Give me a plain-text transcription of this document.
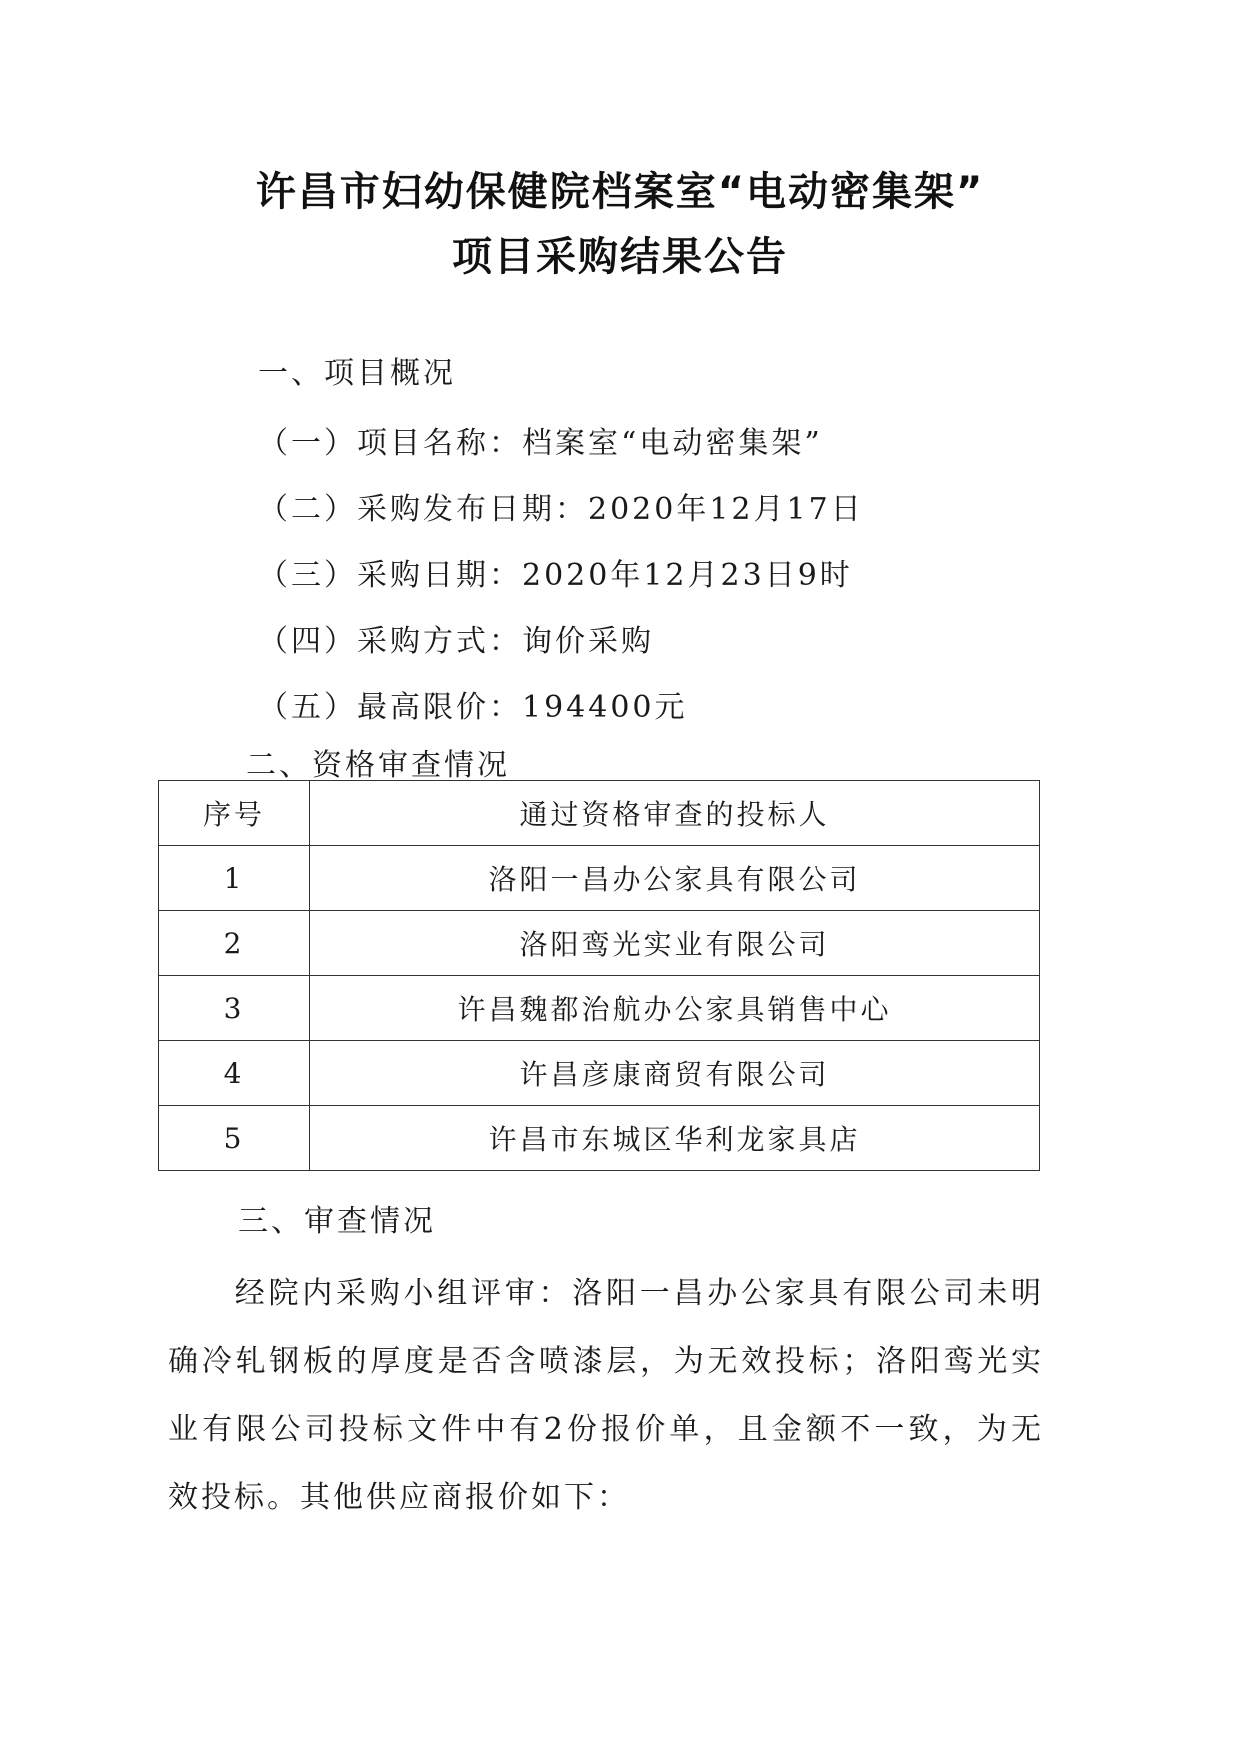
许昌市妇幼保健院档案室“电动密集架”
项目采购结果公告
一、项目概况
（一）项目名称：档案室“电动密集架”
（二）采购发布日期：2020年12月17日
（三）采购日期：2020年12月23日9时
（四）采购方式：询价采购
（五）最高限价：194400元
二、资格审查情况
序号	通过资格审查的投标人
1	洛阳一昌办公家具有限公司
2	洛阳鸾光实业有限公司
3	许昌魏都治航办公家具销售中心
4	许昌彦康商贸有限公司
5	许昌市东城区华利龙家具店
三、审查情况
经院内采购小组评审：洛阳一昌办公家具有限公司未明确冷轧钢板的厚度是否含喷漆层，为无效投标；洛阳鸾光实业有限公司投标文件中有2份报价单，且金额不一致，为无效投标。其他供应商报价如下：
